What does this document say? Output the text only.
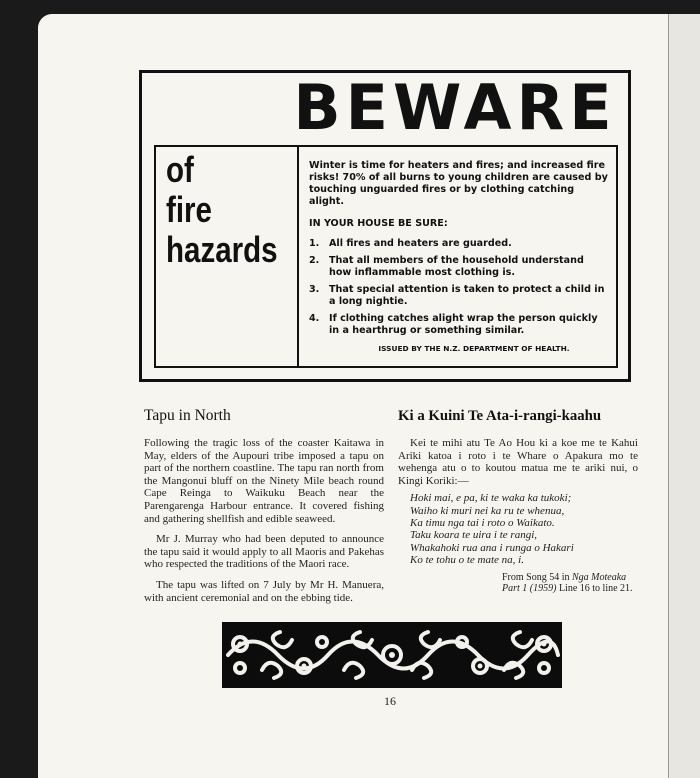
BEWARE
of
fire
hazards

Winter is time for heaters and fires; and increased fire risks! 70% of all burns to young children are caused by touching unguarded fires or by clothing catching alight.

IN YOUR HOUSE BE SURE:

1.	All fires and heaters are guarded.
2.	That all members of the household understand how inflammable most clothing is.
3.	That special attention is taken to protect a child in a long nightie.
4.	If clothing catches alight wrap the person quickly in a hearthrug or something similar.

ISSUED BY THE N.Z. DEPARTMENT OF HEALTH.

Tapu in North

Following the tragic loss of the coaster Kaitawa in May, elders of the Aupouri tribe imposed a tapu on part of the northern coastline. The tapu ran north from the Mangonui bluff on the Ninety Mile beach round Cape Reinga to Waikuku Beach near the Parengarenga Harbour entrance. It covered fishing and gathering shellfish and edible seaweed.

Mr J. Murray who had been deputed to announce the tapu said it would apply to all Maoris and Pakehas who respected the traditions of the Maori race.

The tapu was lifted on 7 July by Mr H. Manuera, with ancient ceremonial and on the ebbing tide.

Ki a Kuini Te Ata-i-rangi-kaahu

Kei te mihi atu Te Ao Hou ki a koe me te Kahui Ariki katoa i roto i te Whare o Apakura mo te wehenga atu o to koutou matua me te ariki nui, o Kingi Koriki:—

Hoki mai, e pa, ki te waka ka tukoki;
Waiho ki muri nei ka ru te whenua,
Ka timu nga tai i roto o Waikato.
Taku koara te uira i te rangi,
Whakahoki rua ana i runga o Hakari
Ko te tohu o te mate na, i.
From Song 54 in Nga Moteaka Part 1 (1959) Line 16 to line 21.
16
